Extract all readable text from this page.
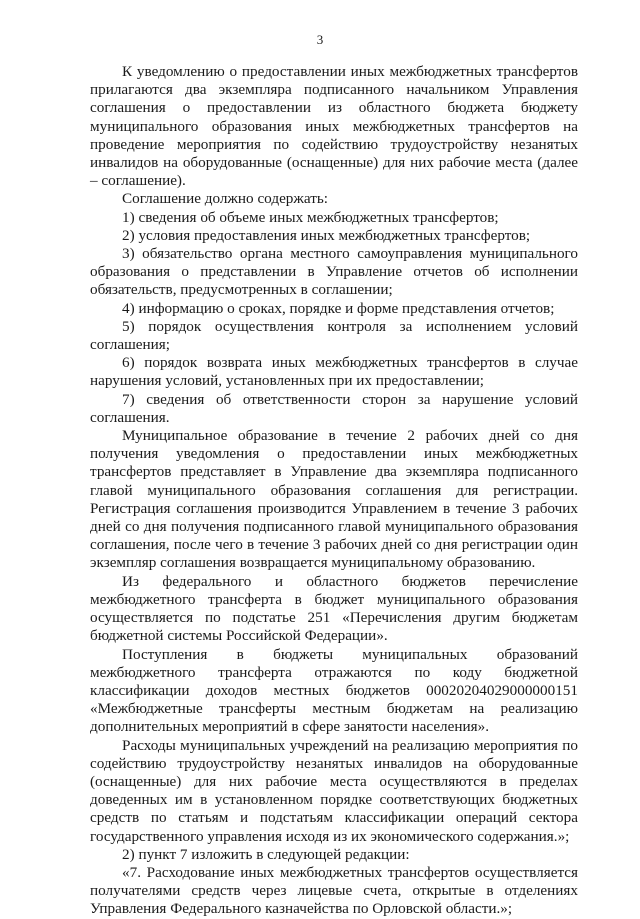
3

К уведомлению о предоставлении иных межбюджетных трансфертов прилагаются два экземпляра подписанного начальником Управления соглашения о предоставлении из областного бюджета бюджету муниципального образования иных межбюджетных трансфертов на проведение мероприятия по содействию трудоустройству незанятых инвалидов на оборудованные (оснащенные) для них рабочие места (далее – соглашение).

Соглашение должно содержать:

1) сведения об объеме иных межбюджетных трансфертов;

2) условия предоставления иных межбюджетных трансфертов;

3) обязательство органа местного самоуправления муниципального образования о представлении в Управление отчетов об исполнении обязательств, предусмотренных в соглашении;

4) информацию о сроках, порядке и форме представления отчетов;

5) порядок осуществления контроля за исполнением условий соглашения;

6) порядок возврата иных межбюджетных трансфертов в случае нарушения условий, установленных при их предоставлении;

7) сведения об ответственности сторон за нарушение условий соглашения.

Муниципальное образование в течение 2 рабочих дней со дня получения уведомления о предоставлении иных межбюджетных трансфертов представляет в Управление два экземпляра подписанного главой муниципального образования соглашения для регистрации. Регистрация соглашения производится Управлением в течение 3 рабочих дней со дня получения подписанного главой муниципального образования соглашения, после чего в течение 3 рабочих дней со дня регистрации один экземпляр соглашения возвращается муниципальному образованию.

Из федерального и областного бюджетов перечисление межбюджетного трансферта в бюджет муниципального образования осуществляется по подстатье 251 «Перечисления другим бюджетам бюджетной системы Российской Федерации».

Поступления в бюджеты муниципальных образований межбюджетного трансферта отражаются по коду бюджетной классификации доходов местных бюджетов 00020204029000000151 «Межбюджетные трансферты местным бюджетам на реализацию дополнительных мероприятий в сфере занятости населения».

Расходы муниципальных учреждений на реализацию мероприятия по содействию трудоустройству незанятых инвалидов на оборудованные (оснащенные) для них рабочие места осуществляются в пределах доведенных им в установленном порядке соответствующих бюджетных средств по статьям и подстатьям классификации операций сектора государственного управления исходя из их экономического содержания.»;

2) пункт 7 изложить в следующей редакции:

«7. Расходование иных межбюджетных трансфертов осуществляется получателями средств через лицевые счета, открытые в отделениях Управления Федерального казначейства по Орловской области.»;
